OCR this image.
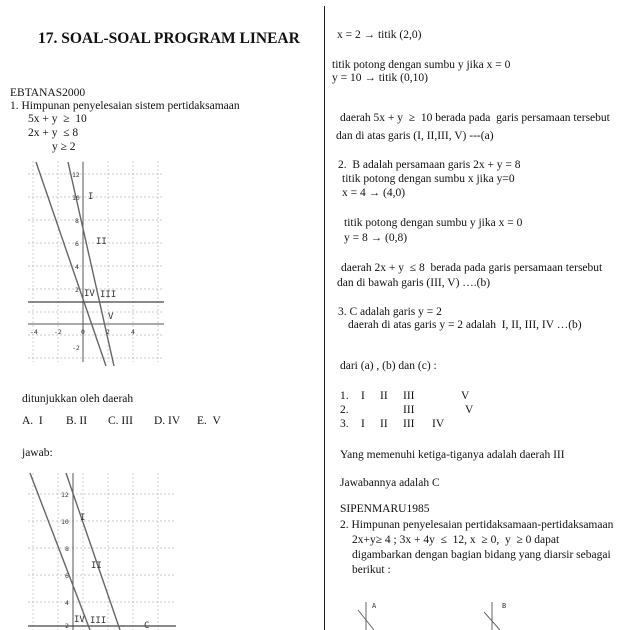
17. SOAL-SOAL PROGRAM LINEAR
EBTANAS2000
1. Himpunan penyelesaian sistem pertidaksamaan
5x + y  ≥  10
2x + y  ≤ 8
y ≥ 2
-4 -2	0	2	4
12
10
8
6
4
2
-2
I
II
IV III
V
ditunjukkan oleh daerah
A.  I B. II C. III D. IV E.  V
jawab:
12
10
8
6
4
2
I
II
IV III	C
x = 2 → titik (2,0)
titik potong dengan sumbu y jika x = 0
y = 10 → titik (0,10)
daerah 5x + y  ≥  10 berada pada  garis persamaan tersebut
dan di atas garis (I, II,III, V) ---(a)
2.  B adalah persamaan garis 2x + y = 8
titik potong dengan sumbu x jika y=0
x = 4 → (4,0)
titik potong dengan sumbu y jika x = 0
y = 8 → (0,8)
daerah 2x + y  ≤ 8  berada pada garis persamaan tersebut
dan di bawah garis (III, V) ….(b)
3. C adalah garis y = 2
daerah di atas garis y = 2 adalah  I, II, III, IV …(b)
dari (a) , (b) dan (c) :
1. I II III	V
2.	III	V
3. I II III IV
Yang memenuhi ketiga-tiganya adalah daerah III
Jawabannya adalah C
SIPENMARU1985
2. Himpunan penyelesaian pertidaksamaan-pertidaksamaan
2x+y≥ 4 ; 3x + 4y  ≤  12, x  ≥ 0,  y  ≥ 0 dapat
digambarkan dengan bagian bidang yang diarsir sebagai
berikut :
A	B
